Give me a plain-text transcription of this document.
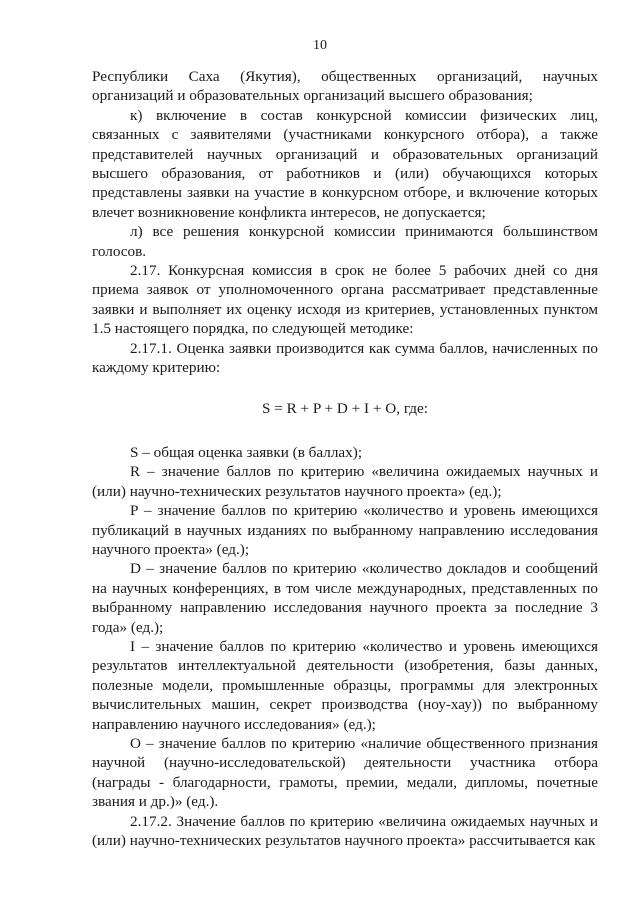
10

Республики Саха (Якутия), общественных организаций, научных организаций и образовательных организаций высшего образования;

к) включение в состав конкурсной комиссии физических лиц, связанных с заявителями (участниками конкурсного отбора), а также представителей научных организаций и образовательных организаций высшего образования, от работников и (или) обучающихся которых представлены заявки на участие в конкурсном отборе, и включение которых влечет возникновение конфликта интересов, не допускается;

л) все решения конкурсной комиссии принимаются большинством голосов.

2.17. Конкурсная комиссия в срок не более 5 рабочих дней со дня приема заявок от уполномоченного органа рассматривает представленные заявки и выполняет их оценку исходя из критериев, установленных пунктом 1.5 настоящего порядка, по следующей методике:

2.17.1. Оценка заявки производится как сумма баллов, начисленных по каждому критерию:

S = R + P + D + I + O, где:

S – общая оценка заявки (в баллах);

R – значение баллов по критерию «величина ожидаемых научных и (или) научно-технических результатов научного проекта» (ед.);

P – значение баллов по критерию «количество и уровень имеющихся публикаций в научных изданиях по выбранному направлению исследования научного проекта» (ед.);

D – значение баллов по критерию «количество докладов и сообщений на научных конференциях, в том числе международных, представленных по выбранному направлению исследования научного проекта за последние 3 года» (ед.);

I – значение баллов по критерию «количество и уровень имеющихся результатов интеллектуальной деятельности (изобретения, базы данных, полезные модели, промышленные образцы, программы для электронных вычислительных машин, секрет производства (ноу-хау)) по выбранному направлению научного исследования» (ед.);

O – значение баллов по критерию «наличие общественного признания научной (научно-исследовательской) деятельности участника отбора (награды - благодарности, грамоты, премии, медали, дипломы, почетные звания и др.)» (ед.).

2.17.2. Значение баллов по критерию «величина ожидаемых научных и (или) научно-технических результатов научного проекта» рассчитывается как
